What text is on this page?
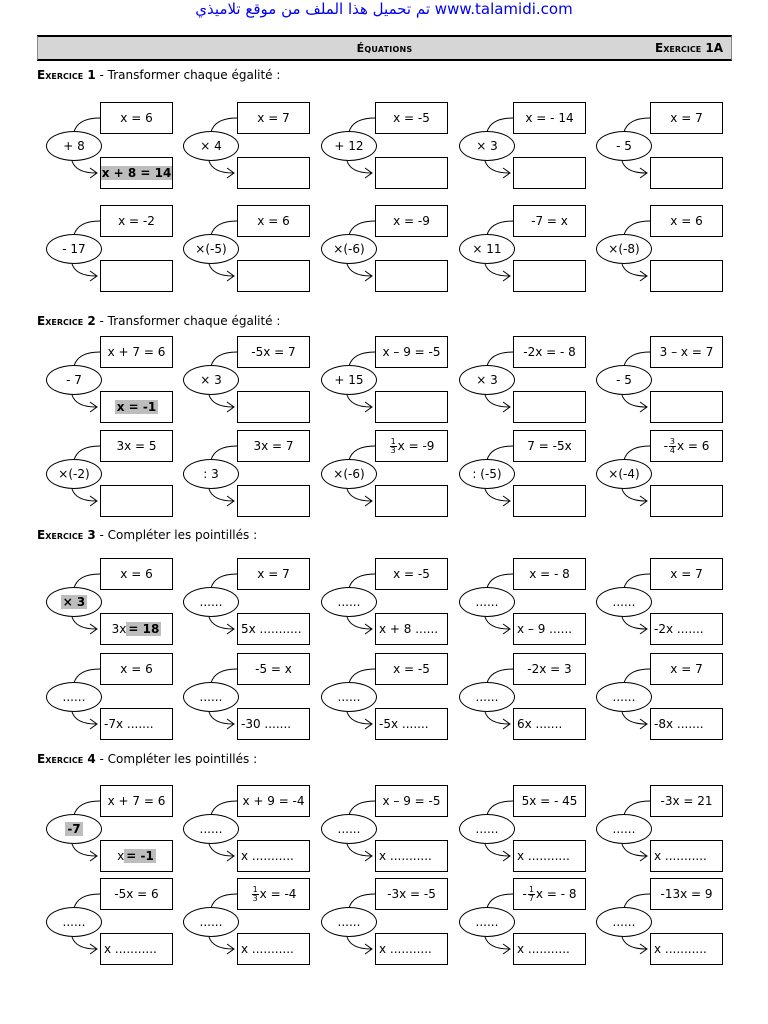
تم تحميل هذا الملف من موقع تلاميذي www.talamidi.com
Équations	Exercice 1A
Exercice 1 - Transformer chaque égalité :
x = 6
+ 8
x + 8 = 14
x = 7
× 4
x = -5
+ 12
x = - 14
× 3
x = 7
- 5
x = -2
- 17
x = 6
×(-5)
x = -9
×(-6)
-7 = x
× 11
x = 6
×(-8)
Exercice 2 - Transformer chaque égalité :
x + 7 = 6
- 7
x = -1
-5x = 7
× 3
x – 9 = -5
+ 15
-2x = - 8
× 3
3 – x = 7
- 5
3x = 5
×(-2)
3x = 7
: 3
$\frac{1}{3}$ x = -9
×(-6)
7 = -5x
: (-5)
- $\frac{3}{4}$ x = 6
×(-4)
Exercice 3 - Compléter les pointillés :
x = 6
× 3
3x = 18
x = 7
......
5x ...........
x = -5
......
x + 8 ......
x = - 8
......
x – 9 ......
x = 7
......
-2x .......
x = 6
......
-7x .......
-5 = x
......
-30 .......
x = -5
......
-5x .......
-2x = 3
......
6x .......
x = 7
......
-8x .......
Exercice 4 - Compléter les pointillés :
x + 7 = 6
-7
x = -1
x + 9 = -4
......
x ...........
x – 9 = -5
......
x ...........
5x = - 45
......
x ...........
-3x = 21
......
x ...........
-5x = 6
......
x ...........
$\frac{1}{3}$ x = -4
......
x ...........
-3x = -5
......
x ...........
- $\frac{1}{7}$ x = - 8
......
x ...........
-13x = 9
......
x ...........
